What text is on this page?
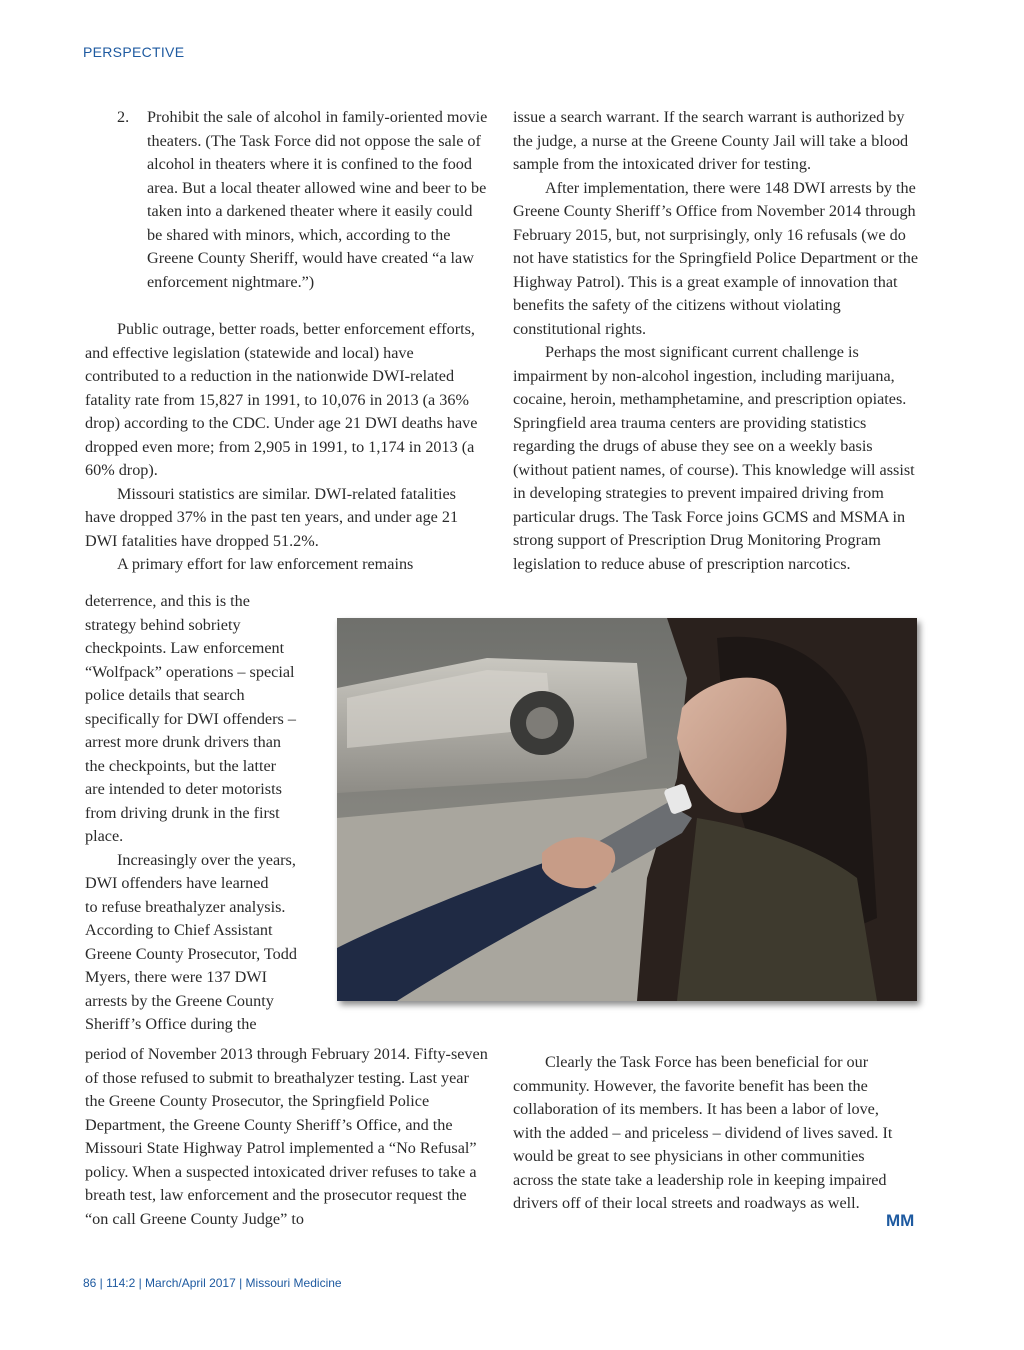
PERSPECTIVE
2. Prohibit the sale of alcohol in family-oriented movie theaters. (The Task Force did not oppose the sale of alcohol in theaters where it is confined to the food area. But a local theater allowed wine and beer to be taken into a darkened theater where it easily could be shared with minors, which, according to the Greene County Sheriff, would have created “a law enforcement nightmare.”)

Public outrage, better roads, better enforcement efforts, and effective legislation (statewide and local) have contributed to a reduction in the nationwide DWI-related fatality rate from 15,827 in 1991, to 10,076 in 2013 (a 36% drop) according to the CDC. Under age 21 DWI deaths have dropped even more; from 2,905 in 1991, to 1,174 in 2013 (a 60% drop).

Missouri statistics are similar. DWI-related fatalities have dropped 37% in the past ten years, and under age 21 DWI fatalities have dropped 51.2%.

A primary effort for law enforcement remains

deterrence, and this is the
strategy behind sobriety
checkpoints. Law enforcement
“Wolfpack” operations – special
police details that search
specifically for DWI offenders –
arrest more drunk drivers than
the checkpoints, but the latter
are intended to deter motorists
from driving drunk in the first
place.
Increasingly over the years,
DWI offenders have learned
to refuse breathalyzer analysis.
According to Chief Assistant
Greene County Prosecutor, Todd
Myers, there were 137 DWI
arrests by the Greene County
Sheriff’s Office during the

period of November 2013 through February 2014. Fifty-seven of those refused to submit to breathalyzer testing. Last year the Greene County Prosecutor, the Springfield Police Department, the Greene County Sheriff’s Office, and the Missouri State Highway Patrol implemented a “No Refusal” policy. When a suspected intoxicated driver refuses to take a breath test, law enforcement and the prosecutor request the “on call Greene County Judge” to

issue a search warrant. If the search warrant is authorized by the judge, a nurse at the Greene County Jail will take a blood sample from the intoxicated driver for testing.

After implementation, there were 148 DWI arrests by the Greene County Sheriff’s Office from November 2014 through February 2015, but, not surprisingly, only 16 refusals (we do not have statistics for the Springfield Police Department or the Highway Patrol). This is a great example of innovation that benefits the safety of the citizens without violating constitutional rights.

Perhaps the most significant current challenge is impairment by non-alcohol ingestion, including marijuana, cocaine, heroin, methamphetamine, and prescription opiates. Springfield area trauma centers are providing statistics regarding the drugs of abuse they see on a weekly basis (without patient names, of course). This knowledge will assist in developing strategies to prevent impaired driving from particular drugs. The Task Force joins GCMS and MSMA in strong support of Prescription Drug Monitoring Program legislation to reduce abuse of prescription narcotics.

Clearly the Task Force has been beneficial for our community. However, the favorite benefit has been the collaboration of its members. It has been a labor of love, with the added – and priceless – dividend of lives saved. It would be great to see physicians in other communities across the state take a leadership role in keeping impaired drivers off of their local streets and roadways as well.

MM
86 | 114:2 | March/April 2017 | Missouri Medicine
